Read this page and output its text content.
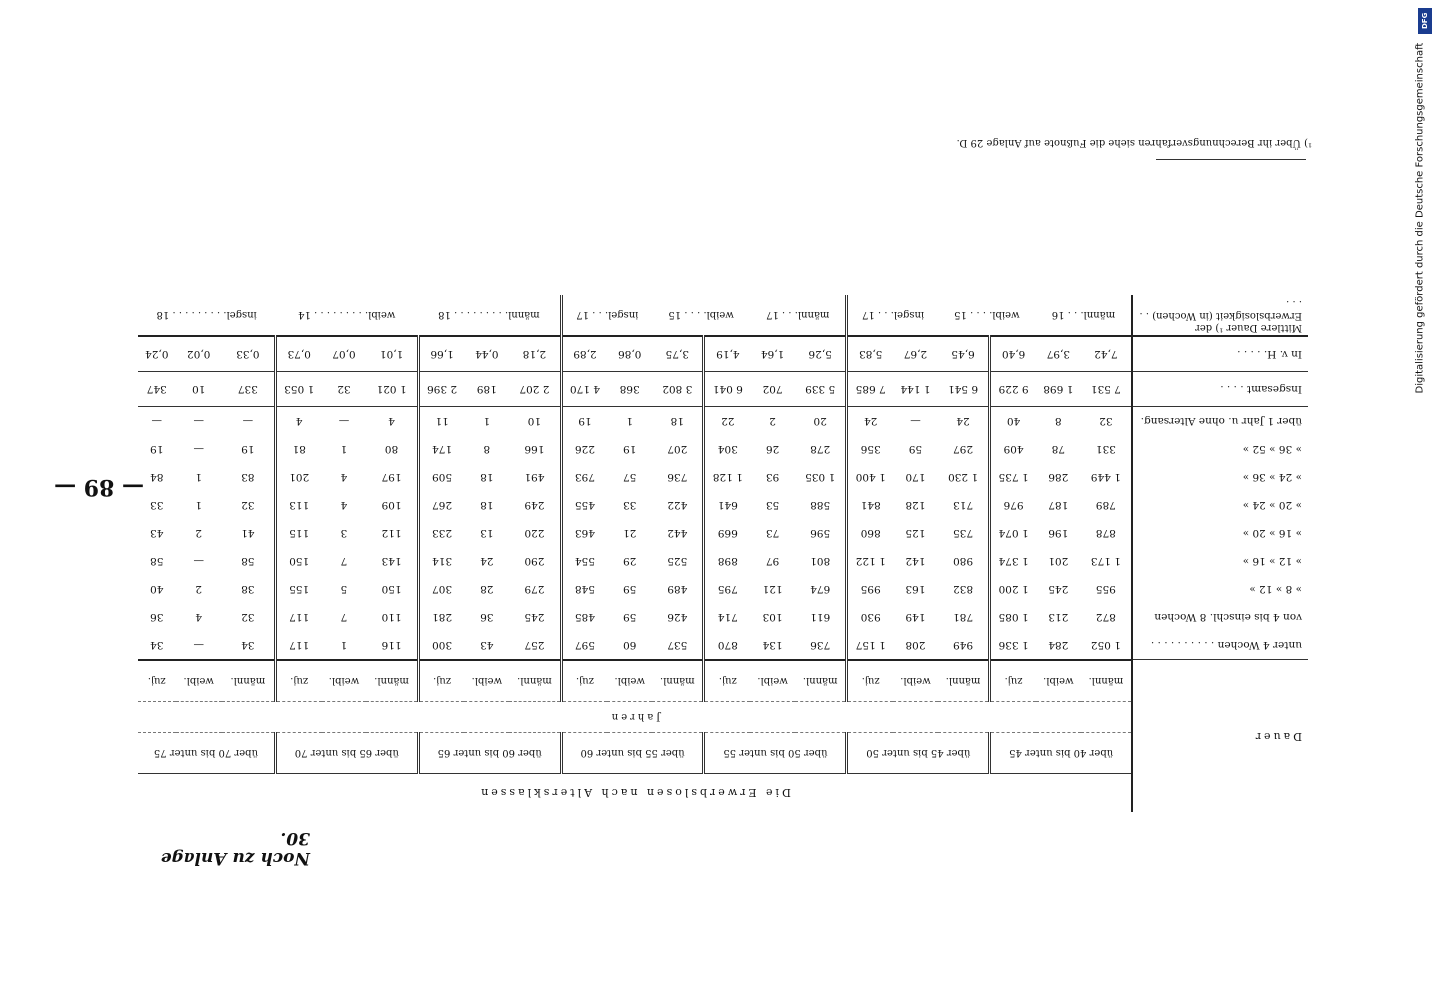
Digitalisierung gefördert durch die Deutsche Forschungsgemeinschaft
DFG
Noch zu Anlage 30.
— 89 —
¹) Über ihr Berechnungsverfahren siehe die Fußnote auf Anlage 29 D.
Dauer	Die Erwerbslosen nach Altersklassen																				
	über 40 bis unter 45			über 45 bis unter 50			über 50 bis unter 55			über 55 bis unter 60			über 60 bis unter 65			über 65 bis unter 70			über 70 bis unter 75		
	Jahren																				
	männl.	weibl.	zuj.	männl.	weibl.	zuj.	männl.	weibl.	zuj.	männl.	weibl.	zuj.	männl.	weibl.	zuj.	männl.	weibl.	zuj.	männl.	weibl.	zuj.
unter 4 Wochen . . . . . . . . . .	1 052	284	1 336	949	208	1 157	736	134	870	537	60	597	257	43	300	116	1	117	34	—	34
von 4 bis einschl. 8 Wochen	872	213	1 085	781	149	930	611	103	714	426	59	485	245	36	281	110	7	117	32	4	36
» 8 » 12 »	955	245	1 200	832	163	995	674	121	795	489	59	548	279	28	307	150	5	155	38	2	40
» 12 » 16 »	1 173	201	1 374	980	142	1 122	801	97	898	525	29	554	290	24	314	143	7	150	58	—	58
» 16 » 20 »	878	196	1 074	735	125	860	596	73	669	442	21	463	220	13	233	112	3	115	41	2	43
» 20 » 24 »	789	187	976	713	128	841	588	53	641	422	33	455	249	18	267	109	4	113	32	1	33
» 24 » 36 »	1 449	286	1 735	1 230	170	1 400	1 035	93	1 128	736	57	793	491	18	509	197	4	201	83	1	84
» 36 » 52 »	331	78	409	297	59	356	278	26	304	207	19	226	166	8	174	80	1	81	19	—	19
über 1 Jahr u. ohne Altersang.	32	8	40	24	—	24	20	2	22	18	1	19	10	1	11	4	—	4	—	—	—
Insgesamt . . . .	7 531	1 698	9 229	6 541	1 144	7 685	5 339	702	6 041	3 802	368	4 170	2 207	189	2 396	1 021	32	1 053	337	10	347
In v. H. . . . .	7,42	3,97	6,40	6,45	2,67	5,83	5,26	1,64	4,19	3,75	0,86	2,89	2,18	0,44	1,66	1,01	0,07	0,73	0,33	0,02	0,24
Mittlere Dauer ¹) der Erwerbslosigkeit (in Wochen) . . . . .	männl. . . 16		weibl. . . . 15		insgel. . . 17		männl. . . 17		weibl. . . . 15		insgel. . . 17		männl. . . . . . . . . 18			weibl. . . . . . . . . 14			insgel. . . . . . . . . 18		
